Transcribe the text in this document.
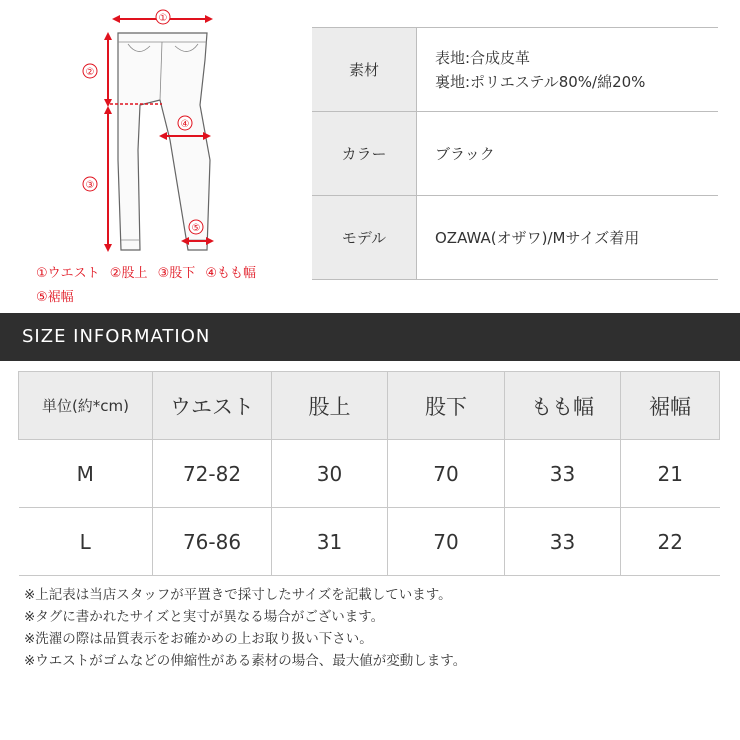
①
②
③
④
⑤
①ウエスト ②股上 ③股下 ④もも幅
⑤裾幅
素材	表地:合成皮革
裏地:ポリエステル80%/綿20%

カラー	ブラック
モデル	OZAWA(オザワ)/Mサイズ着用
SIZE INFORMATION
単位(約*cm)	ウエスト	股上	股下	もも幅	裾幅
M	72-82	30	70	33	21
L	76-86	31	70	33	22
※上記表は当店スタッフが平置きで採寸したサイズを記載しています。
※タグに書かれたサイズと実寸が異なる場合がございます。
※洗濯の際は品質表示をお確かめの上お取り扱い下さい。
※ウエストがゴムなどの伸縮性がある素材の場合、最大値が変動します。
